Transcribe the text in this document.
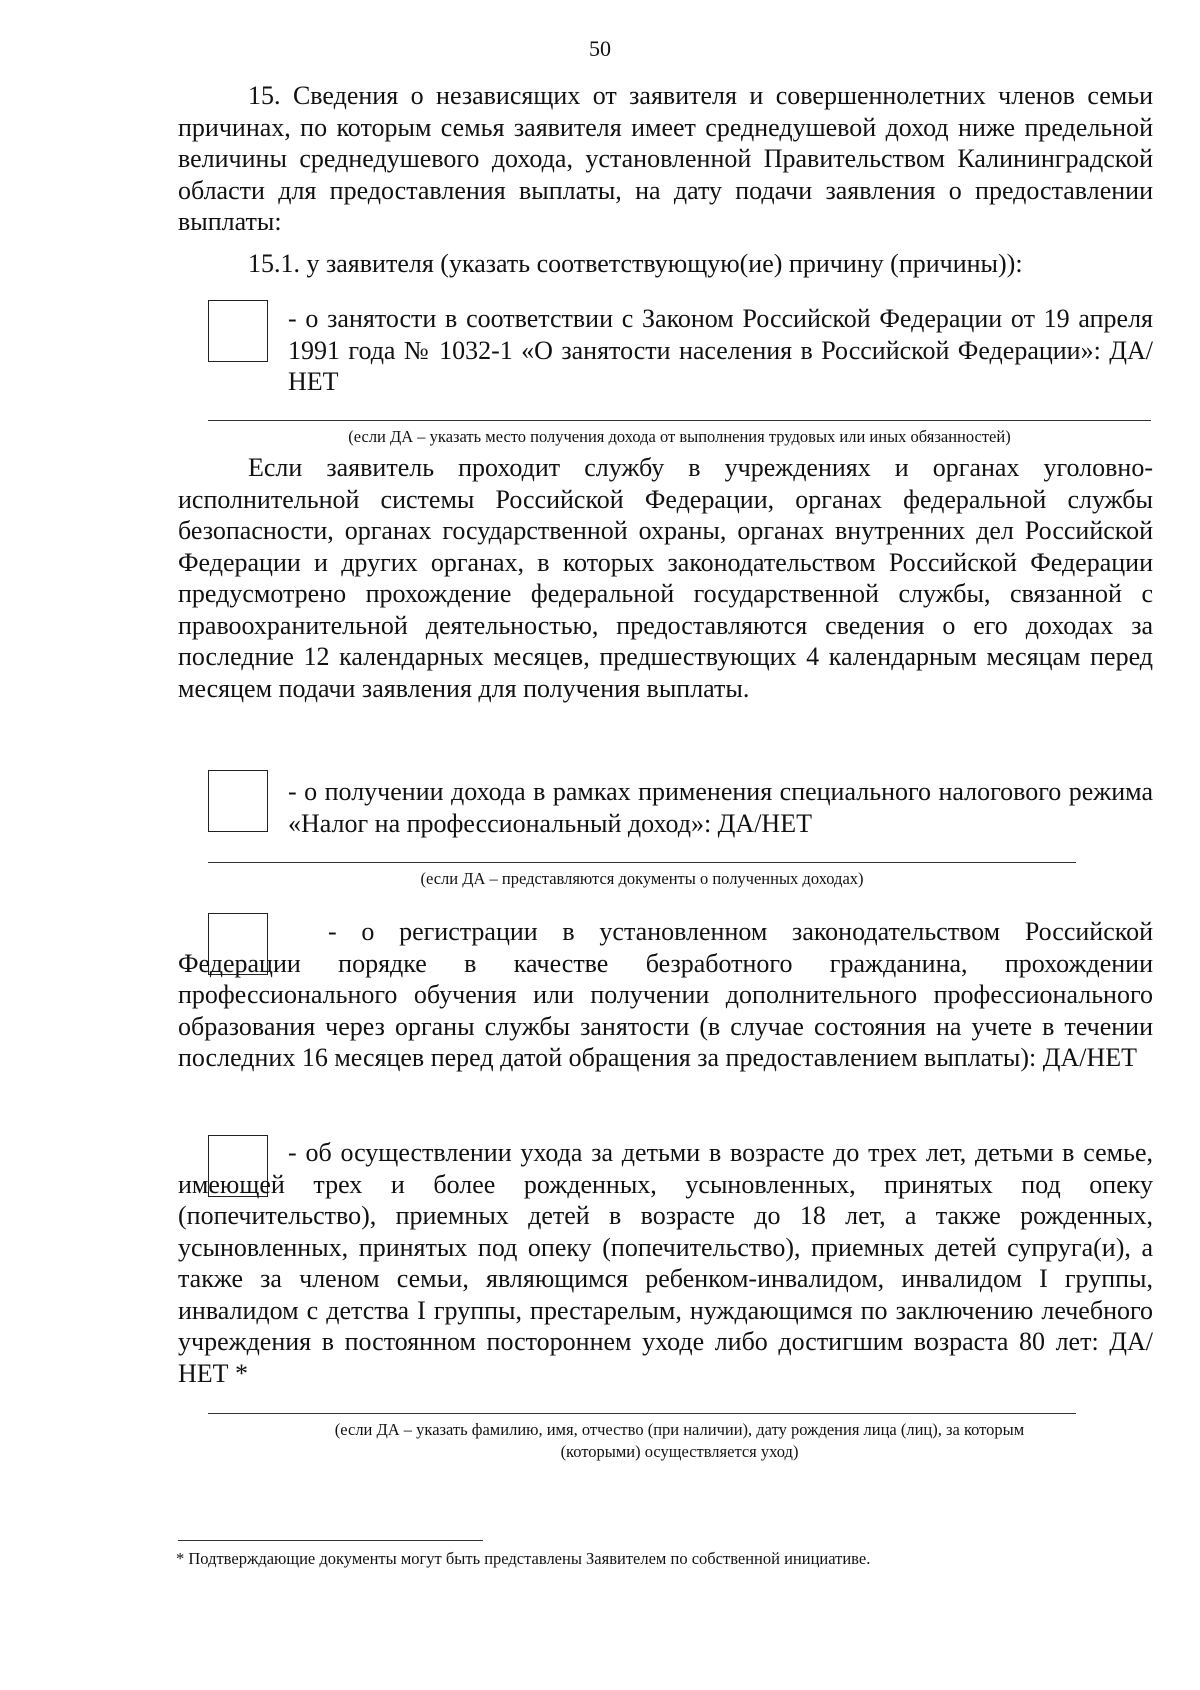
50

15. Сведения о независящих от заявителя и совершеннолетних членов семьи причинах, по которым семья заявителя имеет среднедушевой доход ниже предельной величины среднедушевого дохода, установленной Правительством Калининградской области для предоставления выплаты, на дату подачи заявления о предоставлении выплаты:

15.1. у заявителя (указать соответствующую(ие) причину (причины)):

- о занятости в соответствии с Законом Российской Федерации от 19 апреля 1991 года № 1032-1 «О занятости населения в Российской Федерации»: ДА/НЕТ

(если ДА – указать место получения дохода от выполнения трудовых или иных обязанностей)

Если заявитель проходит службу в учреждениях и органах уголовно-исполнительной системы Российской Федерации, органах федеральной службы безопасности, органах государственной охраны, органах внутренних дел Российской Федерации и других органах, в которых законодательством Российской Федерации предусмотрено прохождение федеральной государственной службы, связанной с правоохранительной деятельностью, предоставляются сведения о его доходах за последние 12 календарных месяцев, предшествующих 4 календарным месяцам перед месяцем подачи заявления для получения выплаты.

- о получении дохода в рамках применения специального налогового режима «Налог на профессиональный доход»: ДА/НЕТ

(если ДА – представляются документы о полученных доходах)

- о регистрации в установленном законодательством Российской Федерации порядке в качестве безработного гражданина, прохождении профессионального обучения или получении дополнительного профессионального образования через органы службы занятости (в случае состояния на учете в течении последних 16 месяцев перед датой обращения за предоставлением выплаты): ДА/НЕТ

- об осуществлении ухода за детьми в возрасте до трех лет, детьми в семье, имеющей трех и более рожденных, усыновленных, принятых под опеку (попечительство), приемных детей в возрасте до 18 лет, а также рожденных, усыновленных, принятых под опеку (попечительство), приемных детей супруга(и), а также за членом семьи, являющимся ребенком-инвалидом, инвалидом I группы, инвалидом с детства I группы, престарелым, нуждающимся по заключению лечебного учреждения в постоянном постороннем уходе либо достигшим возраста 80 лет: ДА/НЕТ *

(если ДА – указать фамилию, имя, отчество (при наличии), дату рождения лица (лиц), за которым
(которыми) осуществляется уход)
* Подтверждающие документы могут быть представлены Заявителем по собственной инициативе.
